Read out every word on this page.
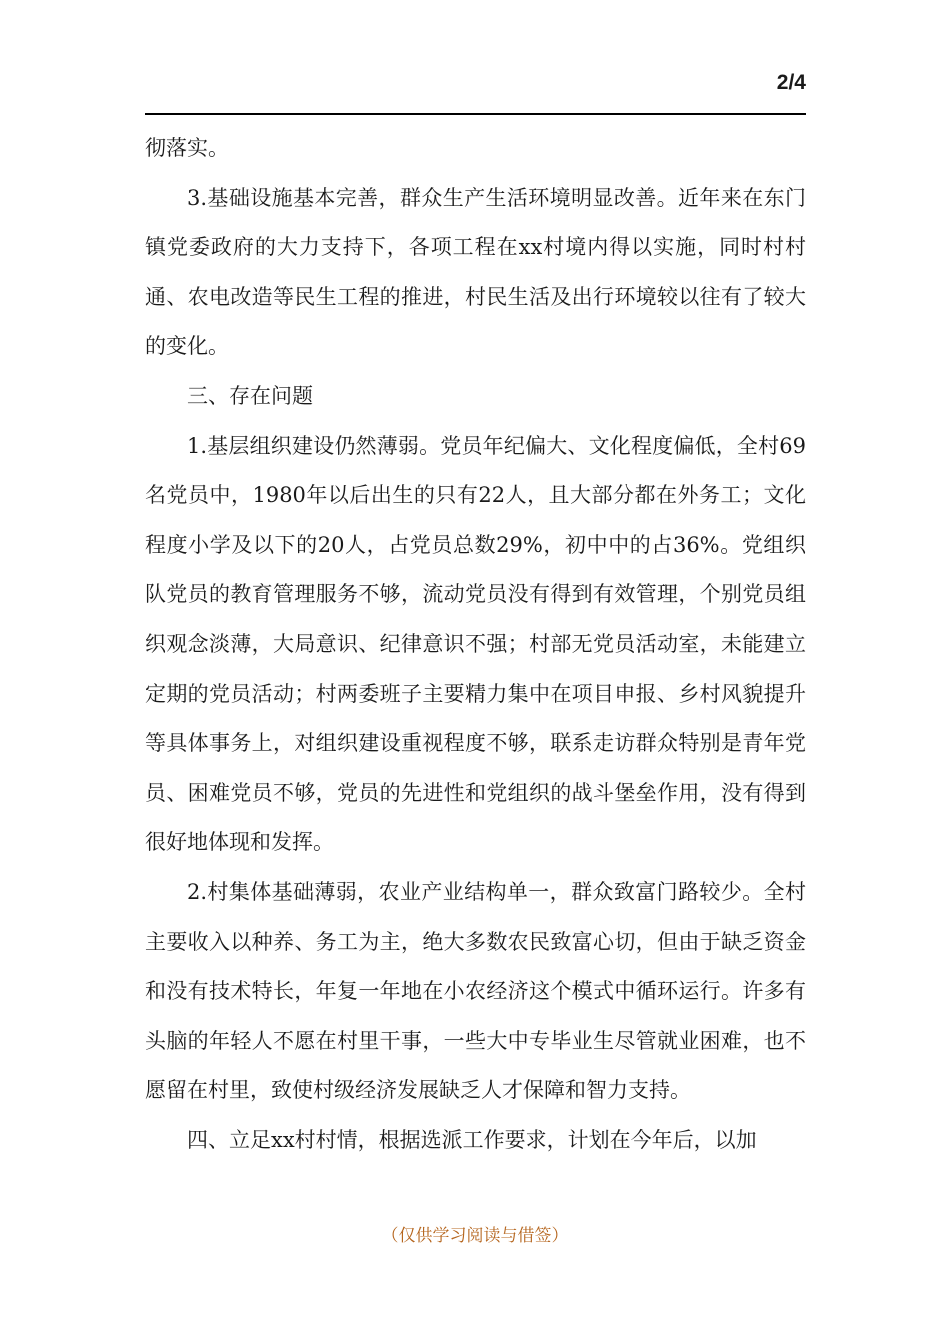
2/4

彻落实。

3.基础设施基本完善，群众生产生活环境明显改善。近年来在东门镇党委政府的大力支持下，各项工程在xx村境内得以实施，同时村村通、农电改造等民生工程的推进，村民生活及出行环境较以往有了较大的变化。

三、存在问题

1.基层组织建设仍然薄弱。党员年纪偏大、文化程度偏低，全村69名党员中，1980年以后出生的只有22人，且大部分都在外务工；文化程度小学及以下的20人，占党员总数29%，初中中的占36%。党组织队党员的教育管理服务不够，流动党员没有得到有效管理，个别党员组织观念淡薄，大局意识、纪律意识不强；村部无党员活动室，未能建立定期的党员活动；村两委班子主要精力集中在项目申报、乡村风貌提升等具体事务上，对组织建设重视程度不够，联系走访群众特别是青年党员、困难党员不够，党员的先进性和党组织的战斗堡垒作用，没有得到很好地体现和发挥。

2.村集体基础薄弱，农业产业结构单一，群众致富门路较少。全村主要收入以种养、务工为主，绝大多数农民致富心切，但由于缺乏资金和没有技术特长，年复一年地在小农经济这个模式中循环运行。许多有头脑的年轻人不愿在村里干事，一些大中专毕业生尽管就业困难，也不愿留在村里，致使村级经济发展缺乏人才保障和智力支持。

四、立足xx村村情，根据选派工作要求，计划在今年后，以加

（仅供学习阅读与借签）
